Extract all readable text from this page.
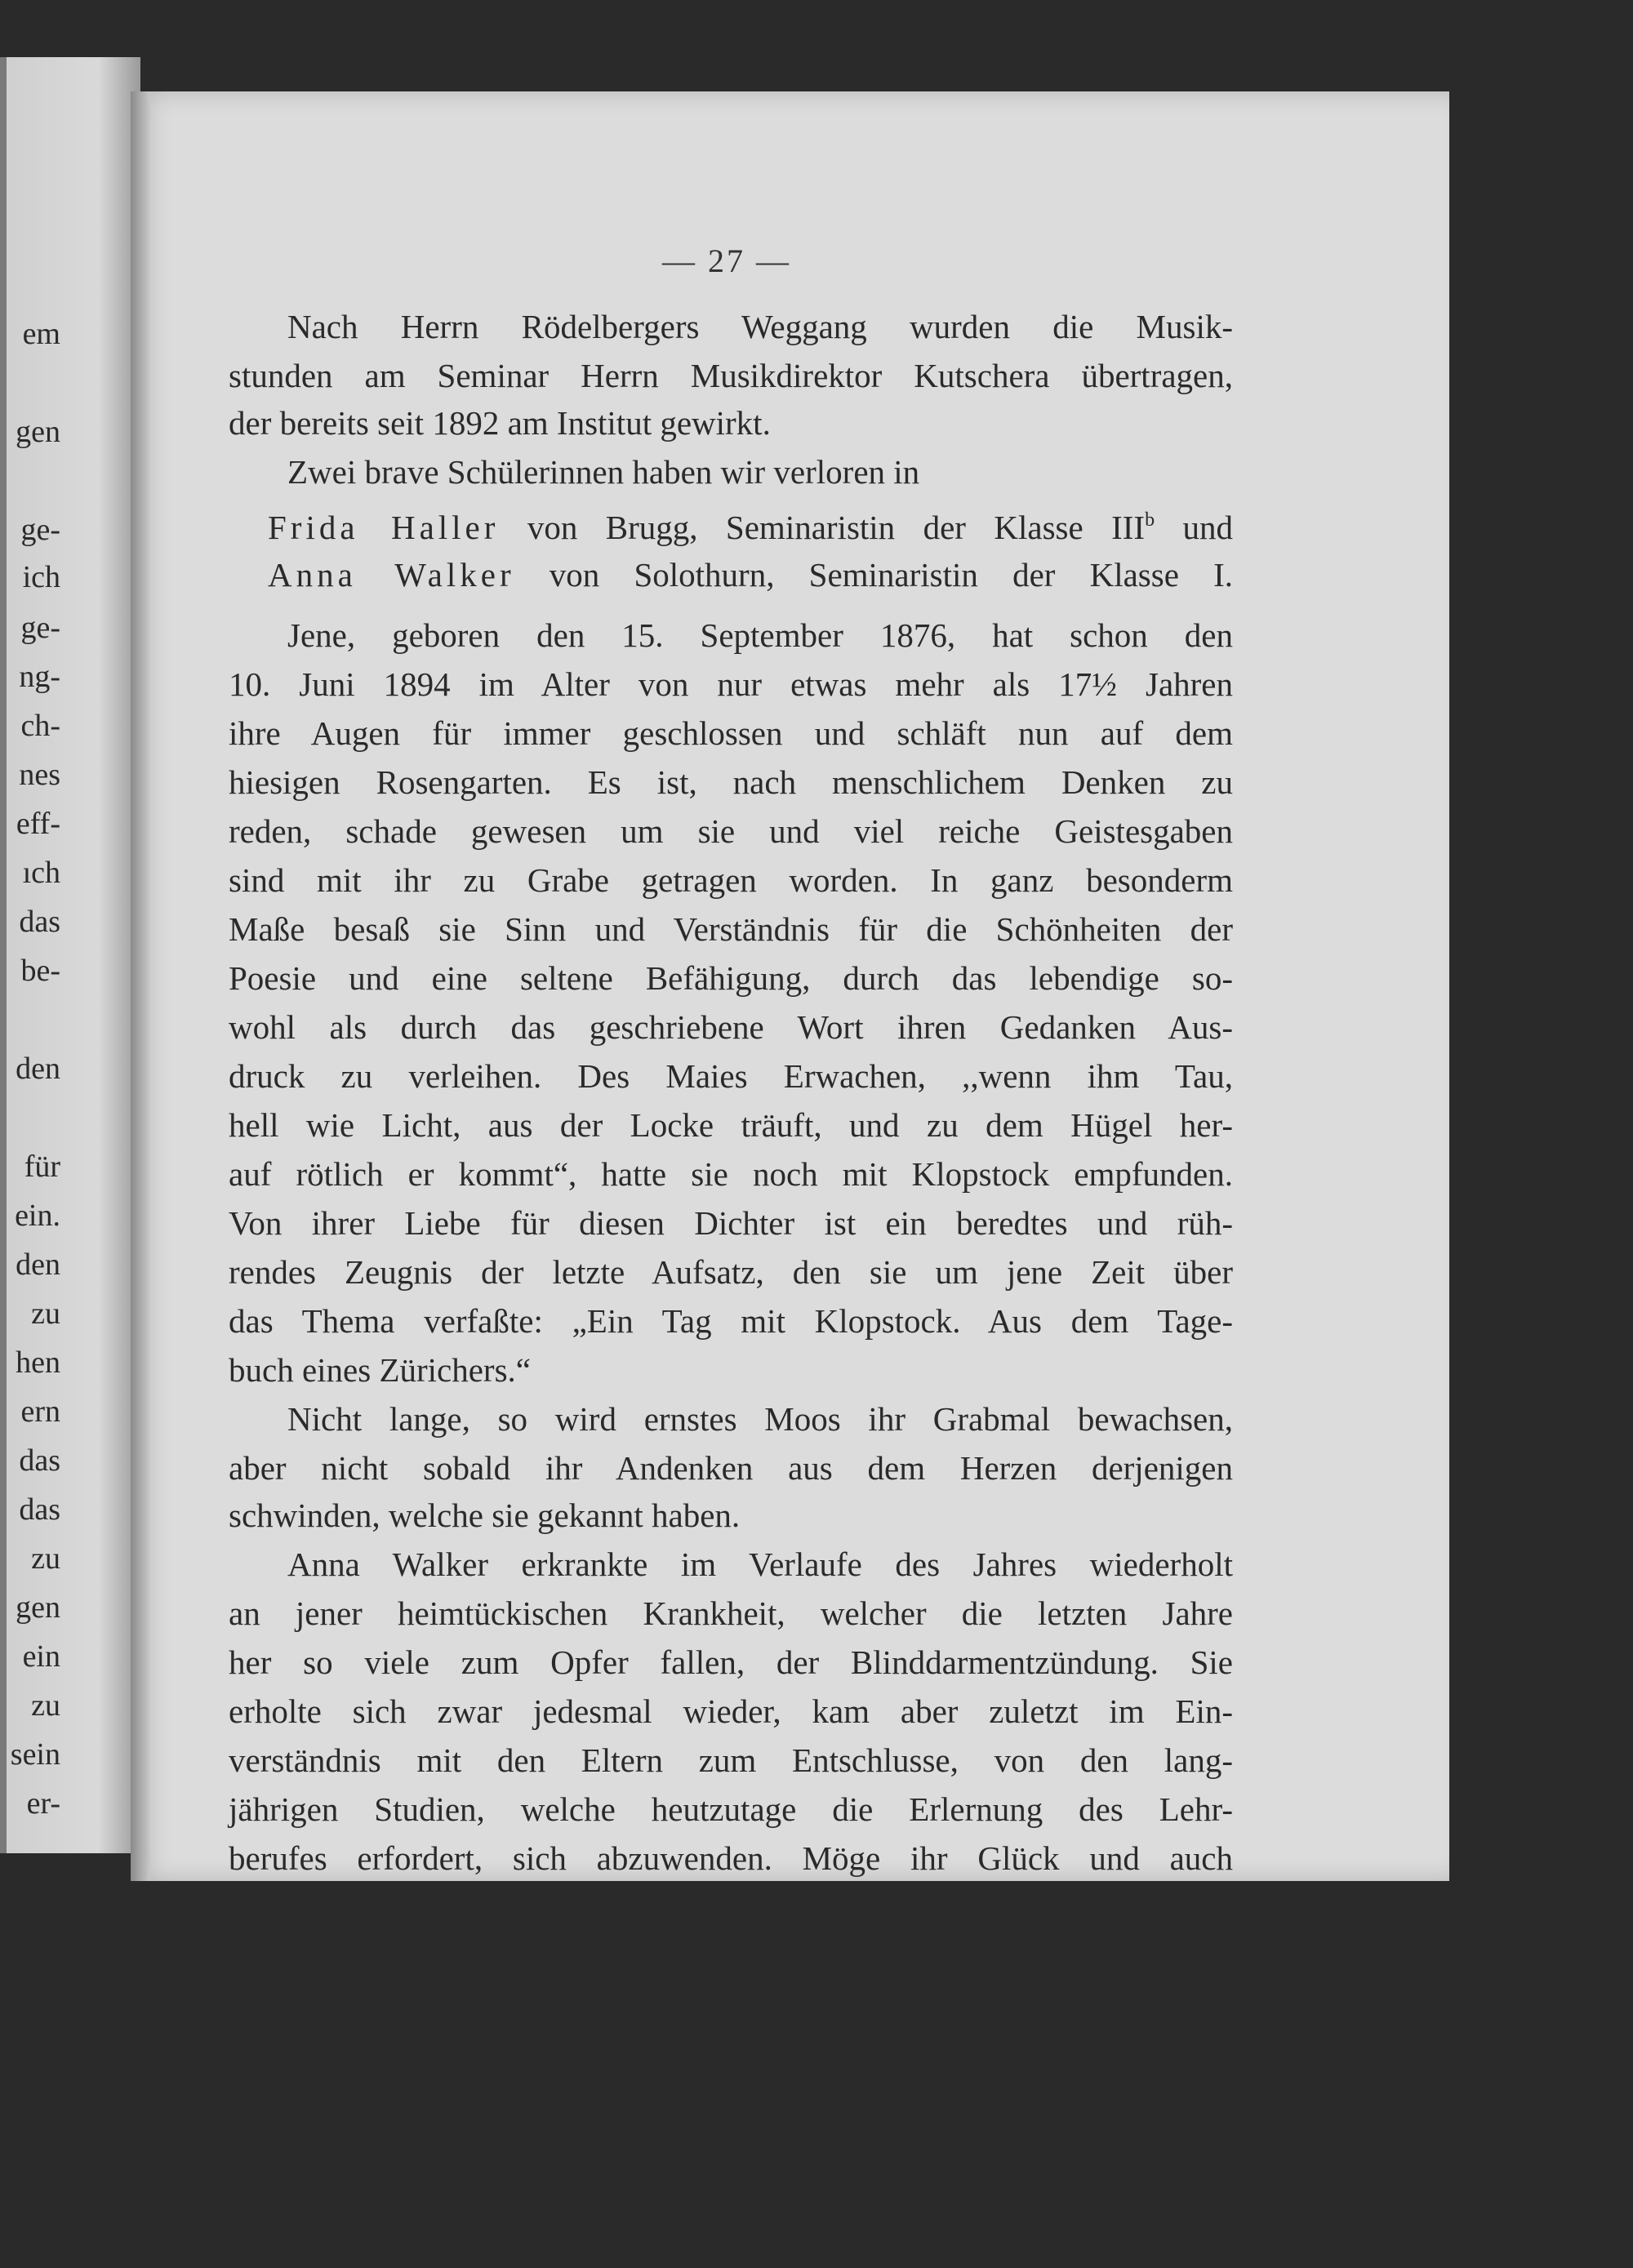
em
gen
ge-
ich
ge-
ng-
ch-
nes
eff-
ıch
das
be-
den
für
ein.
den
zu
hen
ern
das
das
zu
gen
ein
zu
sein
er-
— 27 —
Nach Herrn Rödelbergers Weggang wurden die Musik-
stunden am Seminar Herrn Musikdirektor Kutschera übertragen,
der bereits seit 1892 am Institut gewirkt.
Zwei brave Schülerinnen haben wir verloren in
Frida Haller von Brugg, Seminaristin der Klasse III$^b$ und
Anna Walker von Solothurn, Seminaristin der Klasse I.
Jene, geboren den 15. September 1876, hat schon den
10. Juni 1894 im Alter von nur etwas mehr als 17½ Jahren
ihre Augen für immer geschlossen und schläft nun auf dem
hiesigen Rosengarten. Es ist, nach menschlichem Denken zu
reden, schade gewesen um sie und viel reiche Geistesgaben
sind mit ihr zu Grabe getragen worden. In ganz besonderm
Maße besaß sie Sinn und Verständnis für die Schönheiten der
Poesie und eine seltene Befähigung, durch das lebendige so-
wohl als durch das geschriebene Wort ihren Gedanken Aus-
druck zu verleihen. Des Maies Erwachen, ,,wenn ihm Tau,
hell wie Licht, aus der Locke träuft, und zu dem Hügel her-
auf rötlich er kommt“, hatte sie noch mit Klopstock empfunden.
Von ihrer Liebe für diesen Dichter ist ein beredtes und rüh-
rendes Zeugnis der letzte Aufsatz, den sie um jene Zeit über
das Thema verfaßte: „Ein Tag mit Klopstock. Aus dem Tage-
buch eines Zürichers.“
Nicht lange, so wird ernstes Moos ihr Grabmal bewachsen,
aber nicht sobald ihr Andenken aus dem Herzen derjenigen
schwinden, welche sie gekannt haben.
Anna Walker erkrankte im Verlaufe des Jahres wiederholt
an jener heimtückischen Krankheit, welcher die letzten Jahre
her so viele zum Opfer fallen, der Blinddarmentzündung. Sie
erholte sich zwar jedesmal wieder, kam aber zuletzt im Ein-
verständnis mit den Eltern zum Entschlusse, von den lang-
jährigen Studien, welche heutzutage die Erlernung des Lehr-
berufes erfordert, sich abzuwenden. Möge ihr Glück und auch
